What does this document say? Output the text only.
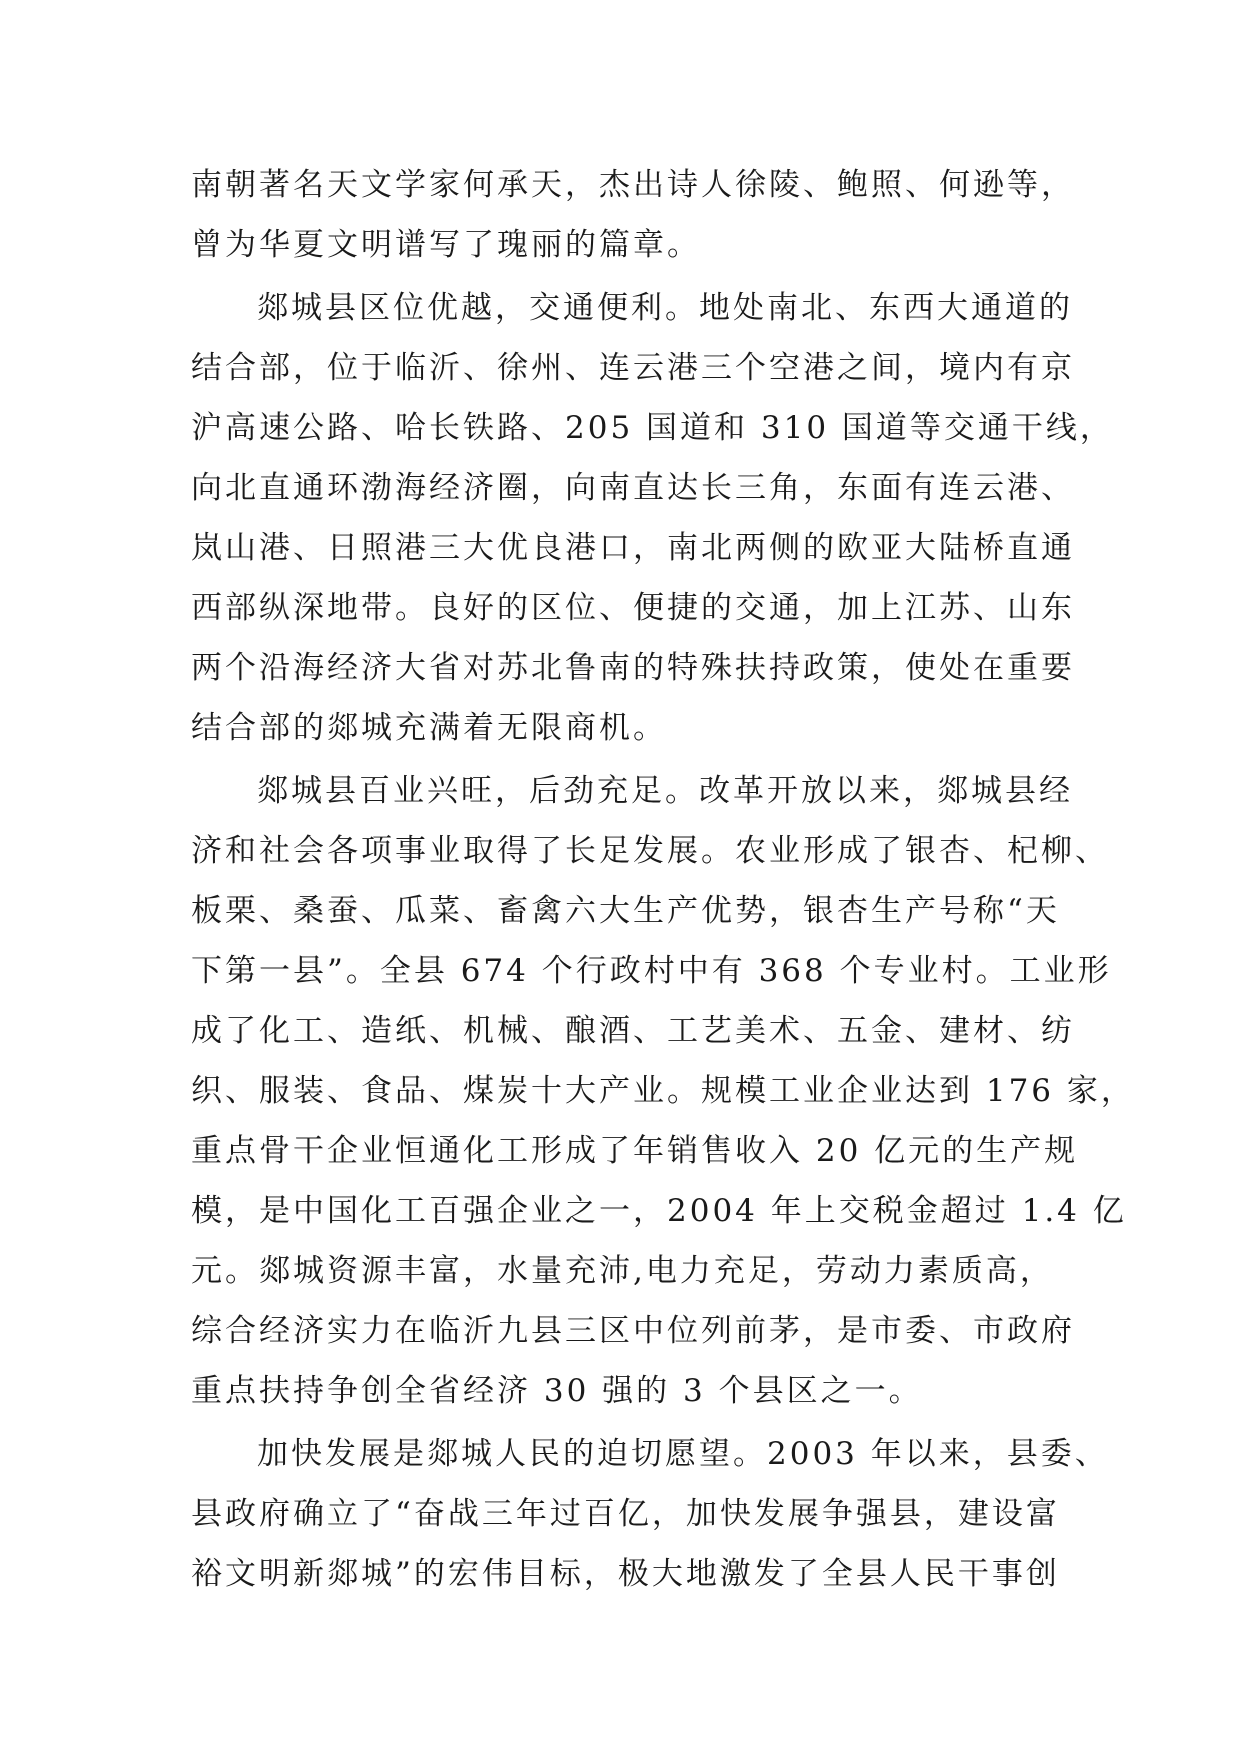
南朝著名天文学家何承天，杰出诗人徐陵、鲍照、何逊等，
曾为华夏文明谱写了瑰丽的篇章。
郯城县区位优越，交通便利。地处南北、东西大通道的
结合部，位于临沂、徐州、连云港三个空港之间，境内有京
沪高速公路、哈长铁路、205 国道和 310 国道等交通干线，
向北直通环渤海经济圈，向南直达长三角，东面有连云港、
岚山港、日照港三大优良港口，南北两侧的欧亚大陆桥直通
西部纵深地带。良好的区位、便捷的交通，加上江苏、山东
两个沿海经济大省对苏北鲁南的特殊扶持政策，使处在重要
结合部的郯城充满着无限商机。
郯城县百业兴旺，后劲充足。改革开放以来，郯城县经
济和社会各项事业取得了长足发展。农业形成了银杏、杞柳、
板栗、桑蚕、瓜菜、畜禽六大生产优势，银杏生产号称“天
下第一县”。全县 674 个行政村中有 368 个专业村。工业形
成了化工、造纸、机械、酿酒、工艺美术、五金、建材、纺
织、服装、食品、煤炭十大产业。规模工业企业达到 176 家，
重点骨干企业恒通化工形成了年销售收入 20 亿元的生产规
模，是中国化工百强企业之一，2004 年上交税金超过 1.4 亿
元。郯城资源丰富，水量充沛,电力充足，劳动力素质高，
综合经济实力在临沂九县三区中位列前茅，是市委、市政府
重点扶持争创全省经济 30 强的 3 个县区之一。
加快发展是郯城人民的迫切愿望。2003 年以来，县委、
县政府确立了“奋战三年过百亿，加快发展争强县，建设富
裕文明新郯城”的宏伟目标，极大地激发了全县人民干事创
